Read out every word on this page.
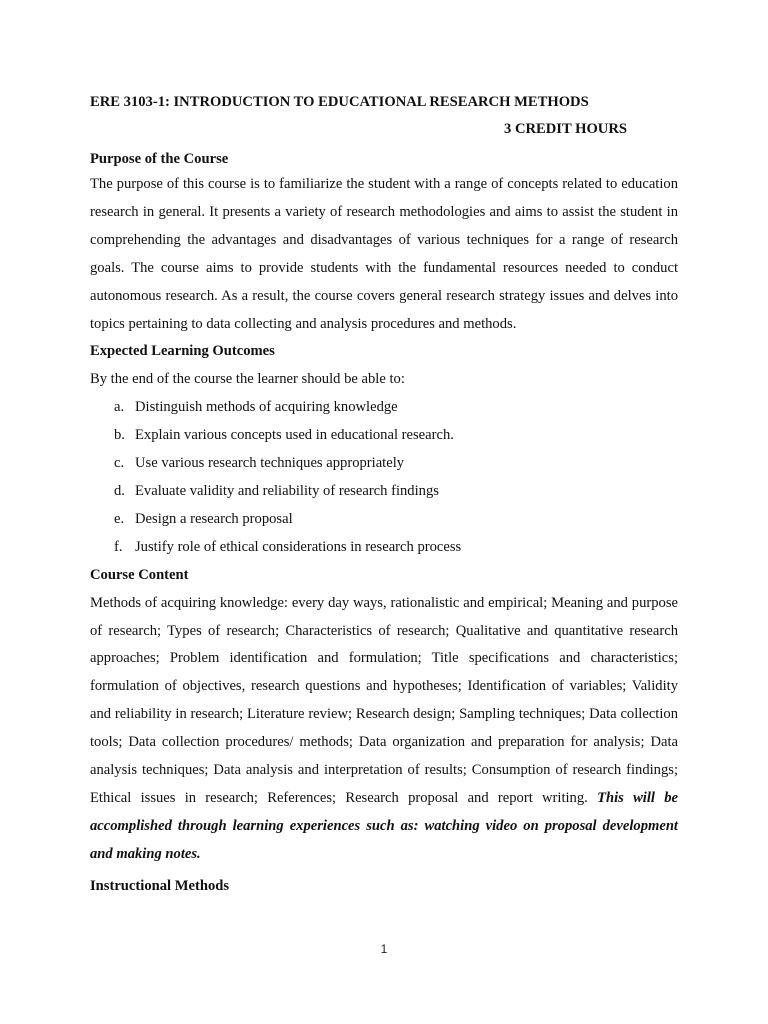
ERE 3103-1: INTRODUCTION TO EDUCATIONAL RESEARCH METHODS

3 CREDIT HOURS

Purpose of the Course

The purpose of this course is to familiarize the student with a range of concepts related to education research in general. It presents a variety of research methodologies and aims to assist the student in comprehending the advantages and disadvantages of various techniques for a range of research goals. The course aims to provide students with the fundamental resources needed to conduct autonomous research. As a result, the course covers general research strategy issues and delves into topics pertaining to data collecting and analysis procedures and methods.

Expected Learning Outcomes

By the end of the course the learner should be able to:

a. Distinguish methods of acquiring knowledge
b. Explain various concepts used in educational research.
c. Use various research techniques appropriately
d. Evaluate validity and reliability of research findings
e. Design a research proposal
f. Justify role of ethical considerations in research process

Course Content

Methods of acquiring knowledge: every day ways, rationalistic and empirical; Meaning and purpose of research; Types of research; Characteristics of research; Qualitative and quantitative research approaches; Problem identification and formulation; Title specifications and characteristics; formulation of objectives, research questions and hypotheses; Identification of variables; Validity and reliability in research; Literature review; Research design; Sampling techniques; Data collection tools; Data collection procedures/ methods; Data organization and preparation for analysis; Data analysis techniques; Data analysis and interpretation of results; Consumption of research findings; Ethical issues in research; References; Research proposal and report writing. This will be accomplished through learning experiences such as: watching video on proposal development and making notes.

Instructional Methods

1
